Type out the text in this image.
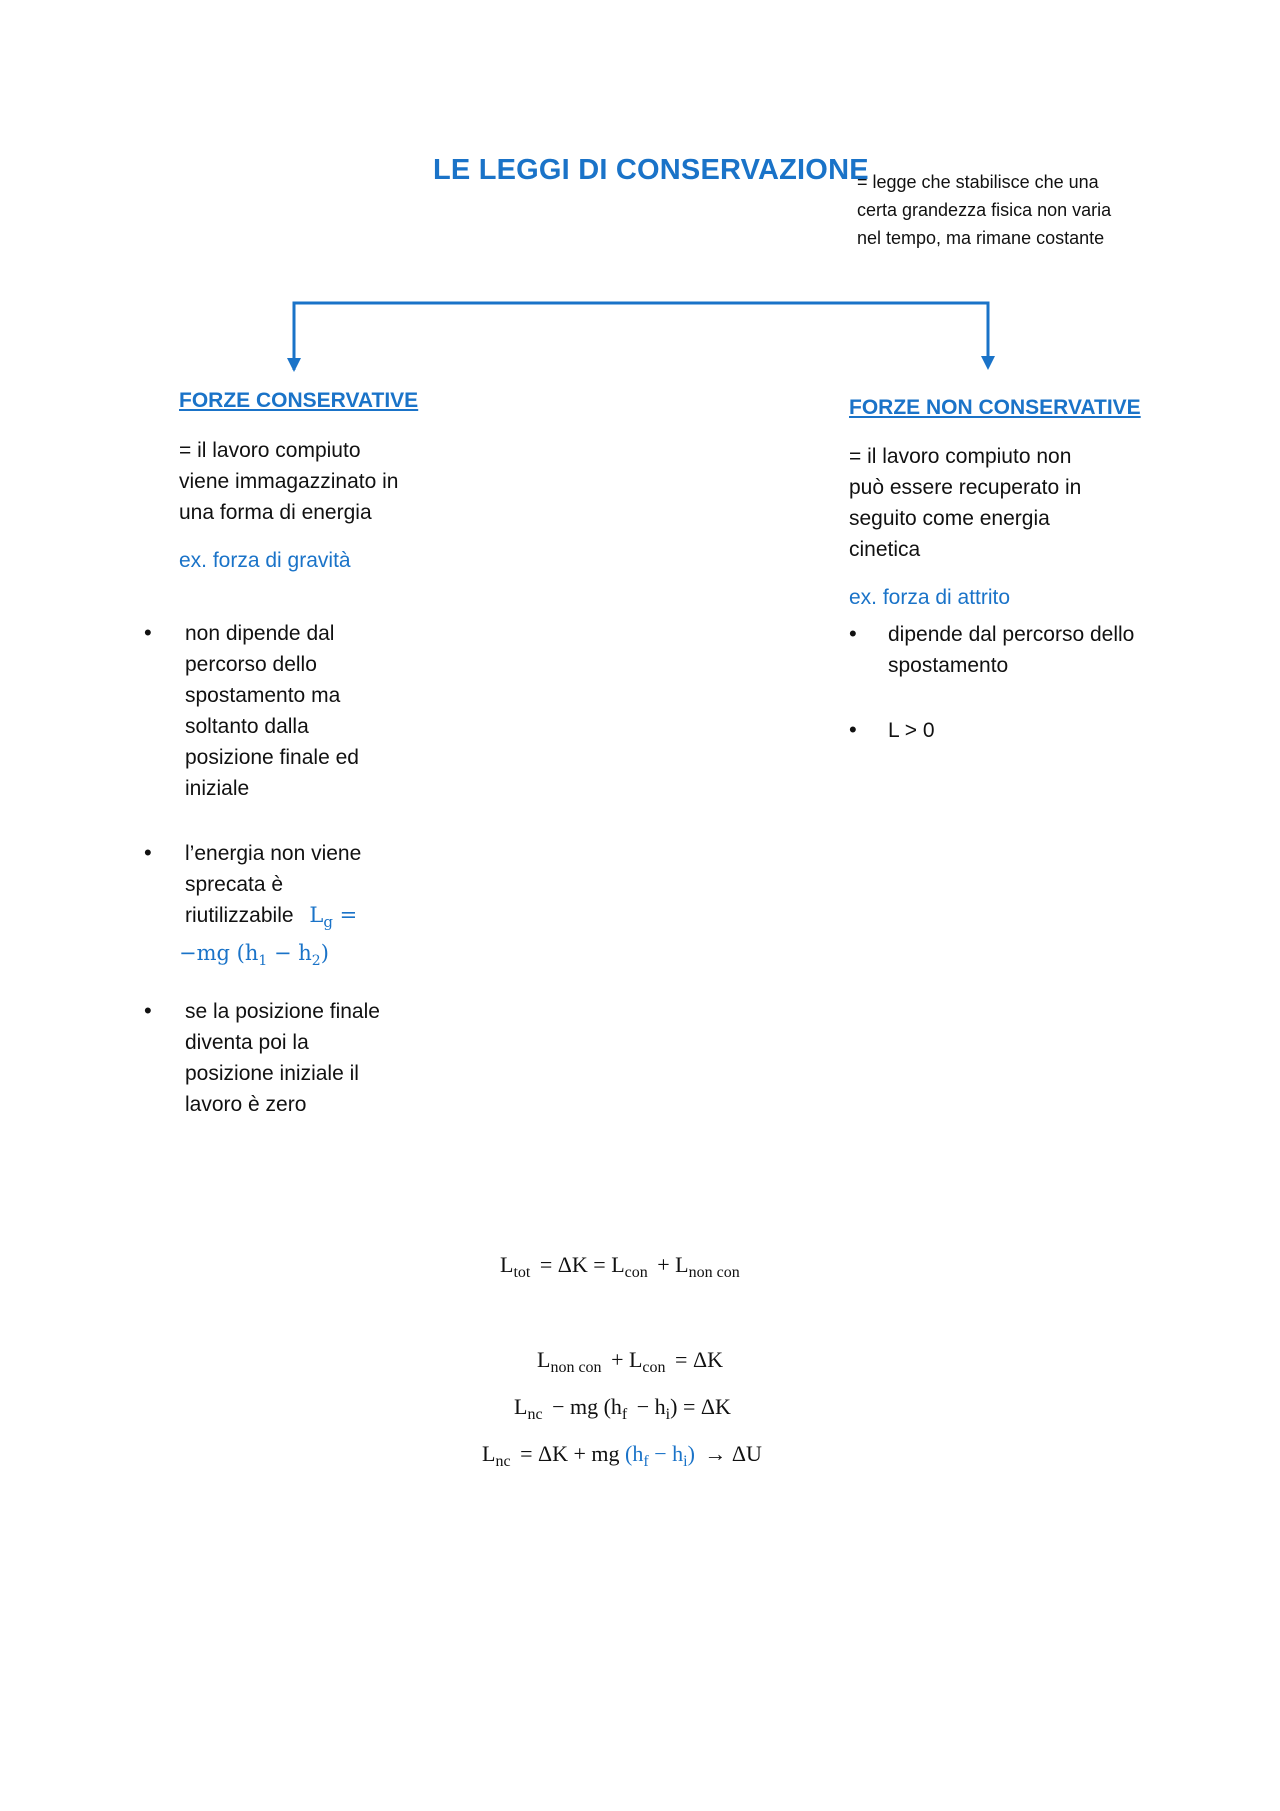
LE LEGGI DI CONSERVAZIONE
= legge che stabilisce che una
certa grandezza fisica non varia
nel tempo, ma rimane costante
FORZE CONSERVATIVE
= il lavoro compiuto
viene immagazzinato in
una forma di energia
ex. forza di gravità
• non dipende dal
percorso dello
spostamento ma
soltanto dalla
posizione finale ed
iniziale
• l’energia non viene
sprecata è
riutilizzabile $L_g$ =
−mg $(h_1 - h_2)$
• se la posizione finale
diventa poi la
posizione iniziale il
lavoro è zero
FORZE NON CONSERVATIVE
= il lavoro compiuto non
può essere recuperato in
seguito come energia
cinetica
ex. forza di attrito
• dipende dal percorso dello
spostamento
• L > 0
$L_{tot} = \Delta K = L_{con} + L_{non con}$
$L_{non con} + L_{con} = \Delta K$
$L_{nc}$ − mg $(h_f - h_i) = \Delta K$
$L_{nc} = \Delta K$ + mg $(h_f - h_i) \to \Delta U$
